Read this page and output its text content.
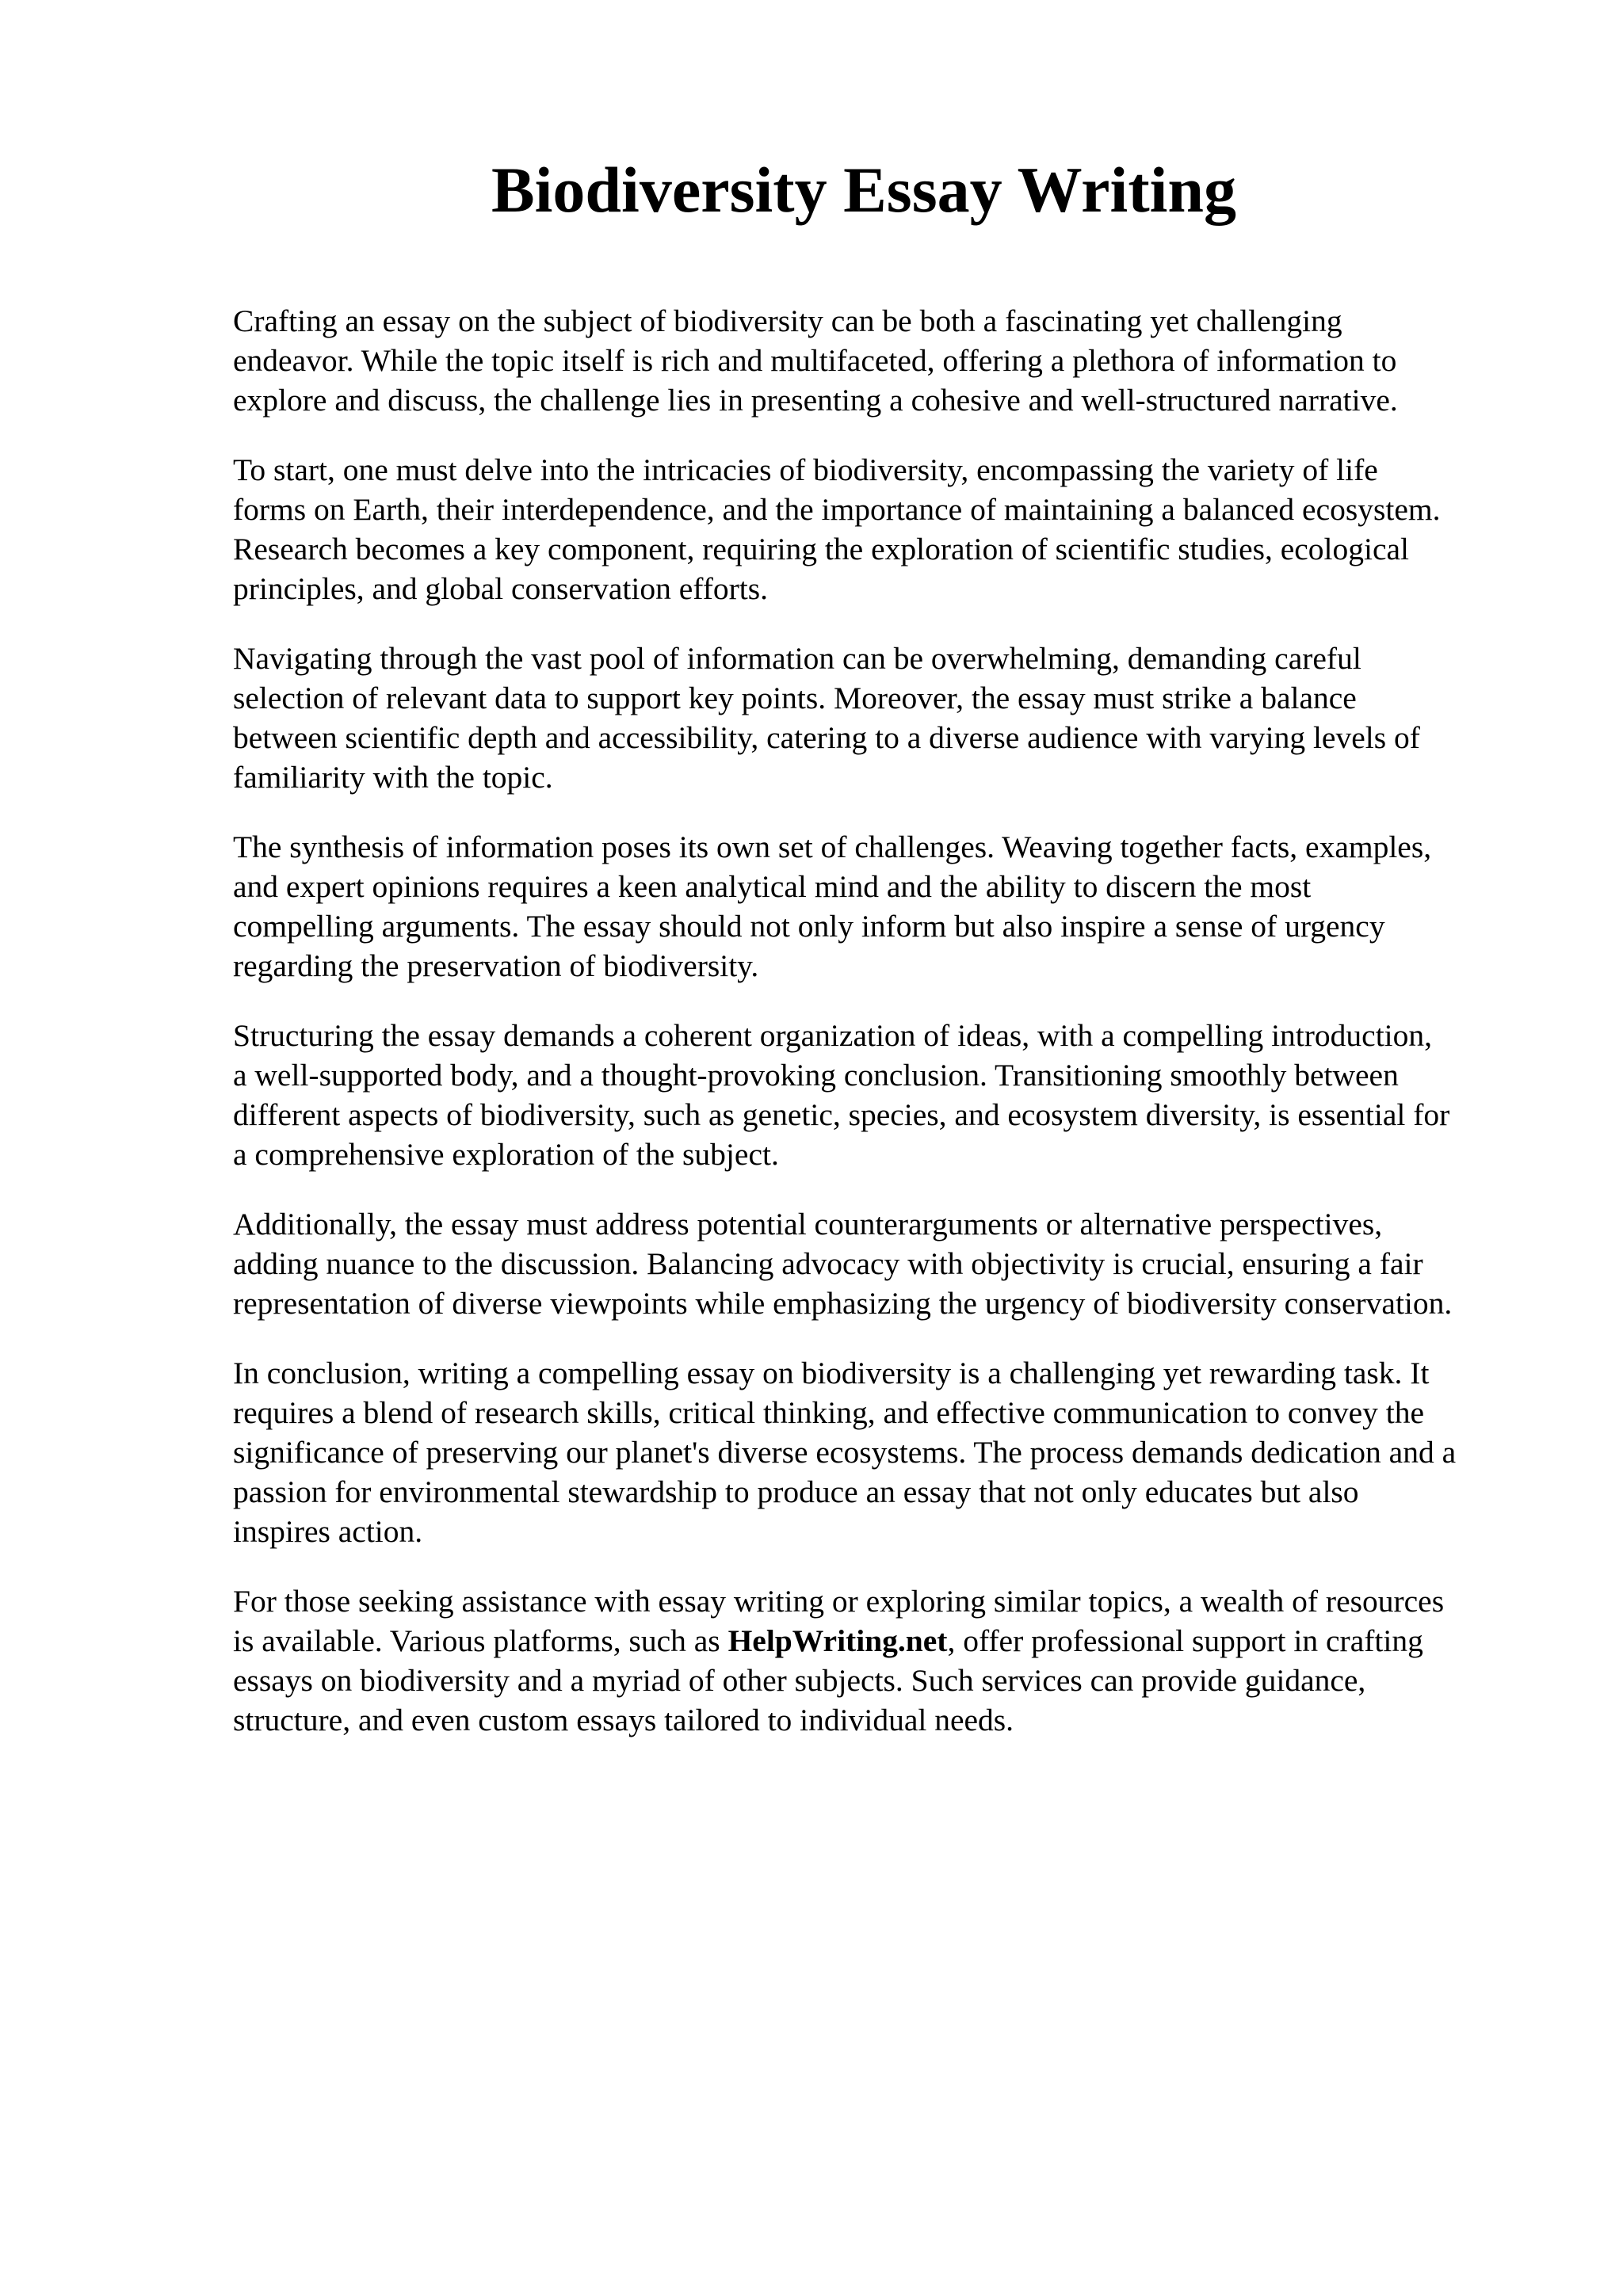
Biodiversity Essay Writing

Crafting an essay on the subject of biodiversity can be both a fascinating yet challenging
endeavor. While the topic itself is rich and multifaceted, offering a plethora of information to
explore and discuss, the challenge lies in presenting a cohesive and well-structured narrative.

To start, one must delve into the intricacies of biodiversity, encompassing the variety of life
forms on Earth, their interdependence, and the importance of maintaining a balanced ecosystem.
Research becomes a key component, requiring the exploration of scientific studies, ecological
principles, and global conservation efforts.

Navigating through the vast pool of information can be overwhelming, demanding careful
selection of relevant data to support key points. Moreover, the essay must strike a balance
between scientific depth and accessibility, catering to a diverse audience with varying levels of
familiarity with the topic.

The synthesis of information poses its own set of challenges. Weaving together facts, examples,
and expert opinions requires a keen analytical mind and the ability to discern the most
compelling arguments. The essay should not only inform but also inspire a sense of urgency
regarding the preservation of biodiversity.

Structuring the essay demands a coherent organization of ideas, with a compelling introduction,
a well-supported body, and a thought-provoking conclusion. Transitioning smoothly between
different aspects of biodiversity, such as genetic, species, and ecosystem diversity, is essential for
a comprehensive exploration of the subject.

Additionally, the essay must address potential counterarguments or alternative perspectives,
adding nuance to the discussion. Balancing advocacy with objectivity is crucial, ensuring a fair
representation of diverse viewpoints while emphasizing the urgency of biodiversity conservation.

In conclusion, writing a compelling essay on biodiversity is a challenging yet rewarding task. It
requires a blend of research skills, critical thinking, and effective communication to convey the
significance of preserving our planet's diverse ecosystems. The process demands dedication and a
passion for environmental stewardship to produce an essay that not only educates but also
inspires action.

For those seeking assistance with essay writing or exploring similar topics, a wealth of resources
is available. Various platforms, such as HelpWriting.net, offer professional support in crafting
essays on biodiversity and a myriad of other subjects. Such services can provide guidance,
structure, and even custom essays tailored to individual needs.
